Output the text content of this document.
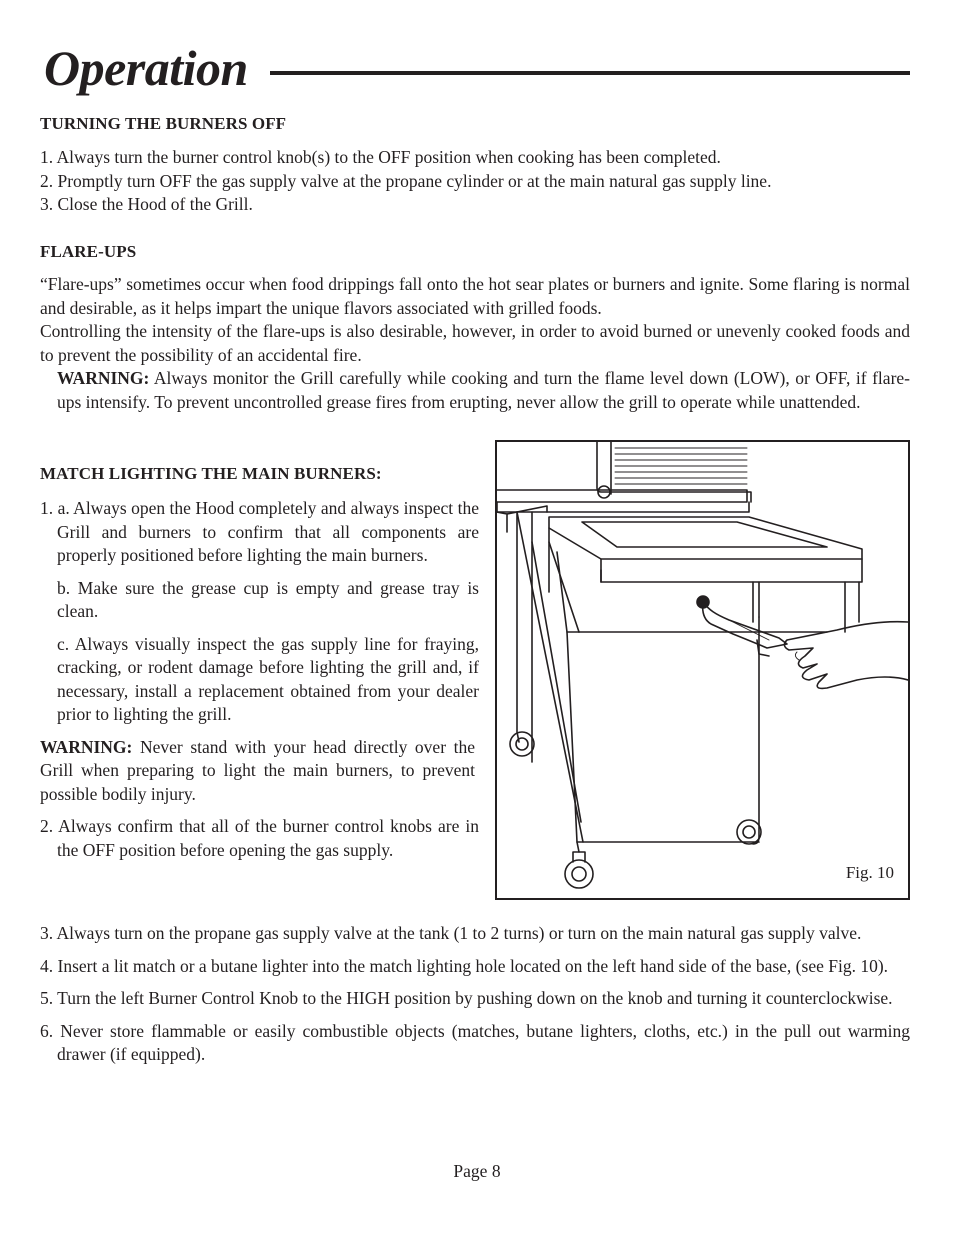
Operation
TURNING THE BURNERS OFF

1. Always turn the burner control knob(s) to the OFF position when cooking has been completed.

2. Promptly turn OFF the gas supply valve at the propane cylinder or at the main natural gas supply line.

3. Close the Hood of the Grill.

FLARE-UPS

“Flare-ups” sometimes occur when food drippings fall onto the hot sear plates or burners and ignite. Some flaring is normal and desirable, as it helps impart the unique flavors associated with grilled foods.

Controlling the intensity of the flare-ups is also desirable, however, in order to avoid burned or unevenly cooked foods and to prevent the possibility of an accidental fire.

WARNING: Always monitor the Grill carefully while cooking and turn the flame level down (LOW), or OFF, if flare-ups intensify. To prevent uncontrolled grease fires from erupting, never allow the grill to operate while unattended.

MATCH LIGHTING THE MAIN BURNERS:

1. a. Always open the Hood completely and always inspect the Grill and burners to confirm that all components are properly positioned before lighting the main burners.

b. Make sure the grease cup is empty and grease tray is clean.

c. Always visually inspect the gas supply line for fraying, cracking, or rodent damage before lighting the grill and, if necessary, install a replacement obtained from your dealer prior to lighting the grill.

WARNING: Never stand with your head directly over the Grill when preparing to light the main burners, to prevent possible bodily injury.

2. Always confirm that all of the burner control knobs are in the OFF position before opening the gas supply.

Fig. 10

3. Always turn on the propane gas supply valve at the tank (1 to 2 turns) or turn on the main natural gas supply valve.

4. Insert a lit match or a butane lighter into the match lighting hole located on the left hand side of the base, (see Fig. 10).

5. Turn the left Burner Control Knob to the HIGH position by pushing down on the knob and turning it counterclockwise.

6. Never store flammable or easily combustible objects (matches, butane lighters, cloths, etc.) in the pull out warming drawer (if equipped).

Page 8
